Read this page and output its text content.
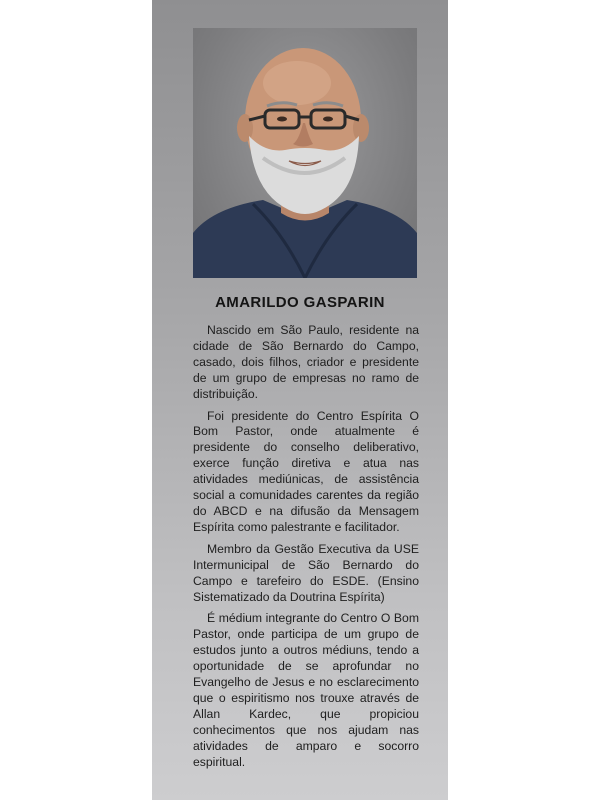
AMARILDO GASPARIN

Nascido em São Paulo, residente na cidade de São Bernardo do Campo, casado, dois filhos, criador e presidente de um grupo de empresas no ramo de distribuição.

Foi presidente do Centro Espírita O Bom Pastor, onde atualmente é presidente do conselho deliberativo, exerce função diretiva e atua nas atividades mediúnicas, de assistência social a comunidades carentes da região do ABCD e na difusão da Mensagem Espírita como palestrante e facilitador.

Membro da Gestão Executiva da USE Intermunicipal de São Bernardo do Campo e tarefeiro do ESDE. (Ensino Sistematizado da Doutrina Espírita)

É médium integrante do Centro O Bom Pastor, onde participa de um grupo de estudos junto a outros médiuns, tendo a oportunidade de se aprofundar no Evangelho de Jesus e no esclarecimento que o espiritismo nos trouxe através de Allan Kardec, que propiciou conhecimentos que nos ajudam nas atividades de amparo e socorro espiritual.
